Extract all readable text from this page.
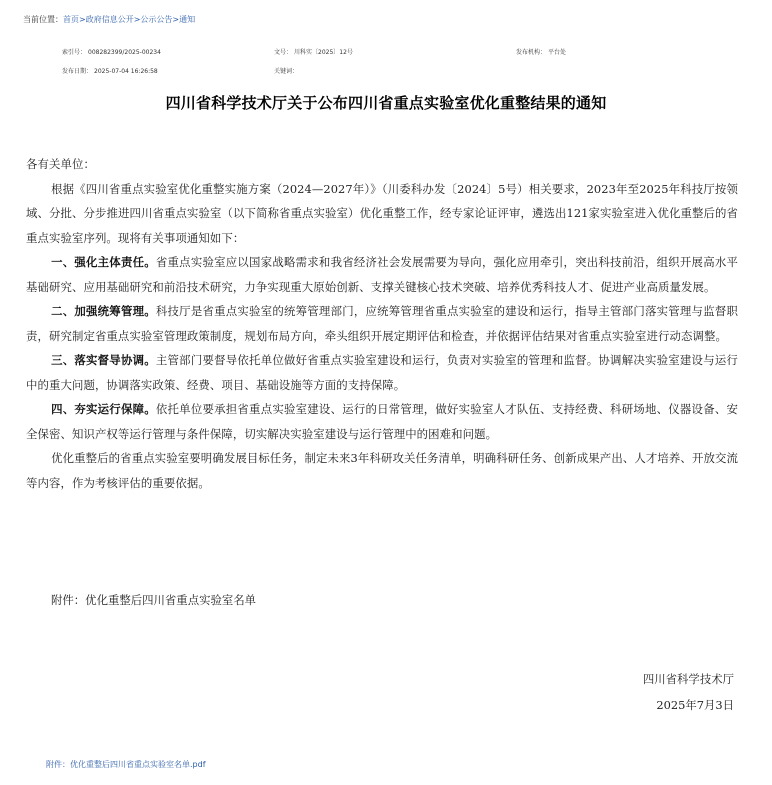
当前位置：首页>政府信息公开>公示公告>通知
索引号： 008282399/2025-00234	文号： 川科实〔2025〕12号	发布机构： 平台处
发布日期： 2025-07-04 16:26:58	关键词：
四川省科学技术厅关于公布四川省重点实验室优化重整结果的通知

各有关单位：

根据《四川省重点实验室优化重整实施方案（2024—2027年）》（川委科办发〔2024〕5号）相关要求，2023年至2025年科技厅按领域、分批、分步推进四川省重点实验室（以下简称省重点实验室）优化重整工作，经专家论证评审，遴选出121家实验室进入优化重整后的省重点实验室序列。现将有关事项通知如下：

一、强化主体责任。省重点实验室应以国家战略需求和我省经济社会发展需要为导向，强化应用牵引，突出科技前沿，组织开展高水平基础研究、应用基础研究和前沿技术研究，力争实现重大原始创新、支撑关键核心技术突破、培养优秀科技人才、促进产业高质量发展。

二、加强统筹管理。科技厅是省重点实验室的统筹管理部门，应统筹管理省重点实验室的建设和运行，指导主管部门落实管理与监督职责，研究制定省重点实验室管理政策制度，规划布局方向，牵头组织开展定期评估和检查，并依据评估结果对省重点实验室进行动态调整。

三、落实督导协调。主管部门要督导依托单位做好省重点实验室建设和运行，负责对实验室的管理和监督。协调解决实验室建设与运行中的重大问题，协调落实政策、经费、项目、基础设施等方面的支持保障。

四、夯实运行保障。依托单位要承担省重点实验室建设、运行的日常管理，做好实验室人才队伍、支持经费、科研场地、仪器设备、安全保密、知识产权等运行管理与条件保障，切实解决实验室建设与运行管理中的困难和问题。

优化重整后的省重点实验室要明确发展目标任务，制定未来3年科研攻关任务清单，明确科研任务、创新成果产出、人才培养、开放交流等内容，作为考核评估的重要依据。

附件：优化重整后四川省重点实验室名单
四川省科学技术厅
2025年7月3日
附件：优化重整后四川省重点实验室名单.pdf
